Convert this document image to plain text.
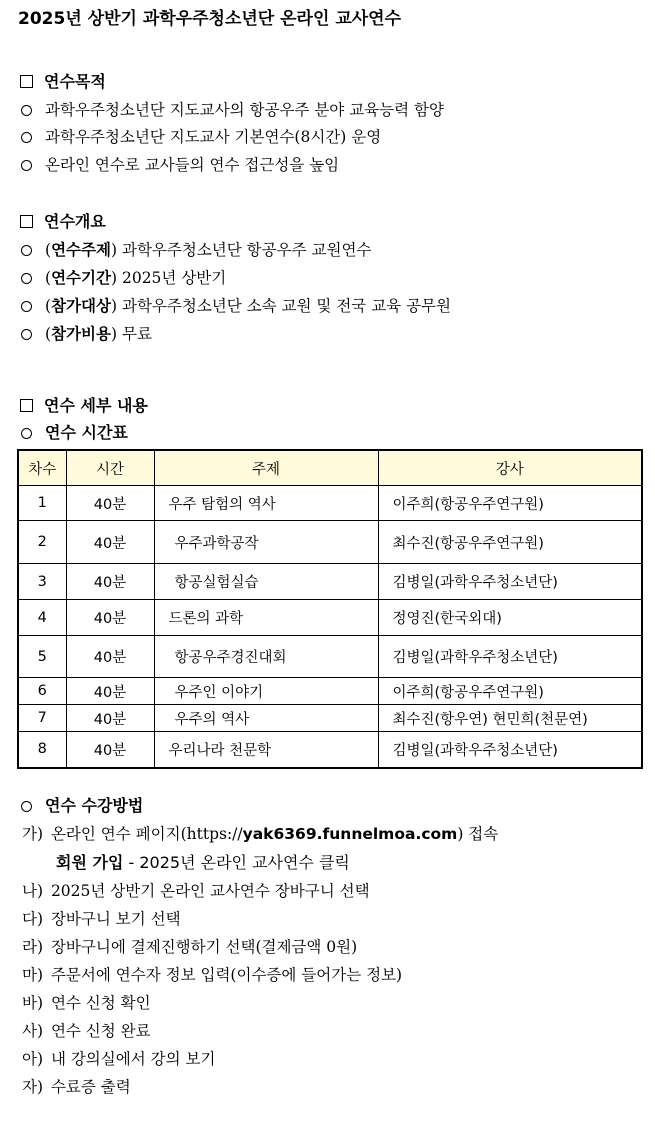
2025년 상반기 과학우주청소년단 온라인 교사연수
연수목적
과학우주청소년단 지도교사의 항공우주 분야 교육능력 함양
과학우주청소년단 지도교사 기본연수(8시간) 운영
온라인 연수로 교사들의 연수 접근성을 높임
연수개요
(연수주제) 과학우주청소년단 항공우주 교원연수
(연수기간) 2025년 상반기
(참가대상) 과학우주청소년단 소속 교원 및 전국 교육 공무원
(참가비용) 무료
연수 세부 내용
연수 시간표
차수	시간	주제	강사
1	40분	우주 탐험의 역사	이주희(항공우주연구원)
2	40분	우주과학공작	최수진(항공우주연구원)
3	40분	항공실험실습	김병일(과학우주청소년단)
4	40분	드론의 과학	정영진(한국외대)
5	40분	항공우주경진대회	김병일(과학우주청소년단)
6	40분	우주인 이야기	이주희(항공우주연구원)
7	40분	우주의 역사	최수진(항우연) 현민희(천문연)
8	40분	우리나라 천문학	김병일(과학우주청소년단)
연수 수강방법
가) 온라인 연수 페이지(https://yak6369.funnelmoa.com) 접속
회원 가입 - 2025년 온라인 교사연수 클릭
나) 2025년 상반기 온라인 교사연수 장바구니 선택
다) 장바구니 보기 선택
라) 장바구니에 결제진행하기 선택(결제금액 0원)
마) 주문서에 연수자 정보 입력(이수증에 들어가는 정보)
바) 연수 신청 확인
사) 연수 신청 완료
아) 내 강의실에서 강의 보기
자) 수료증 출력
